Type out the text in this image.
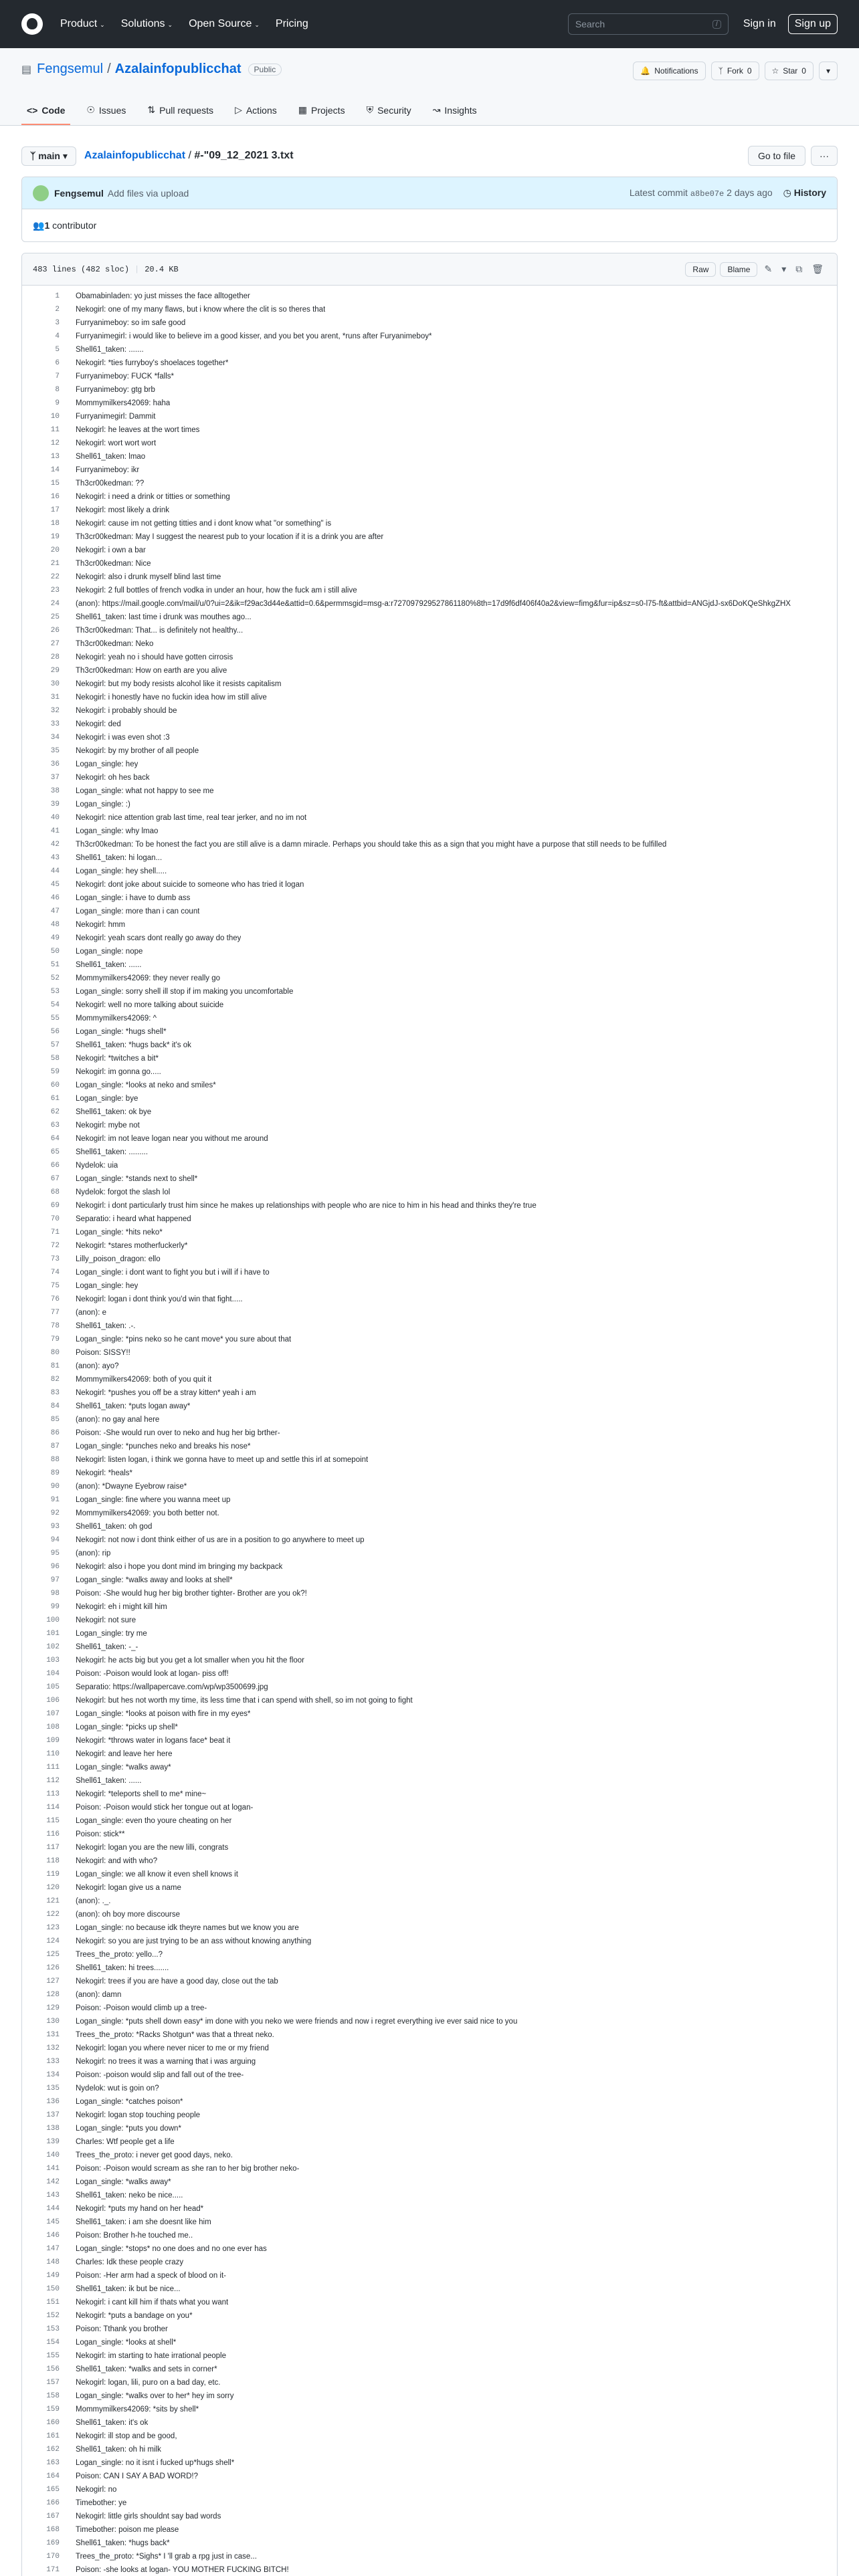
Product ⌄ Solutions ⌄ Open Source ⌄ Pricing	Search	/	Sign in	Sign up
▤ Fengsemul / Azalainfopublicchat	Public	🔔 Notifications	ᛉ Fork 0	☆ Star 0	▾
<> Code ☉ Issues ⇅ Pull requests ▷ Actions ▦ Projects ⛨ Security ↝ Insights
ᛉ main ▾	Azalainfopublicchat / #-"09_12_2021 3.txt	Go to file	···
Fengsemul Add files via upload	Latest commit a8be07e 2 days ago ◷ History
👥 1
contributor
483 lines (482 sloc) | 20.4 KB	Raw	Blame	✎ ▾ ⧉ 🗑
1	Obamabinladen: yo just misses the face alltogether
2	Nekogirl: one of my many flaws, but i know where the clit is so theres that
3	Furryanimeboy: so im safe good
4	Furryanimegirl: i would like to believe im a good kisser, and you bet you arent, *runs after Furyanimeboy*
5	Shell61_taken: .......
6	Nekogirl: *ties furryboy's shoelaces together*
7	Furryanimeboy: FUCK *falls*
8	Furryanimeboy: gtg brb
9	Mommymilkers42069: haha
10	Furryanimegirl: Dammit
11	Nekogirl: he leaves at the wort times
12	Nekogirl: wort wort wort
13	Shell61_taken: lmao
14	Furryanimeboy: ikr
15	Th3cr00kedman: ??
16	Nekogirl: i need a drink or titties or something
17	Nekogirl: most likely a drink
18	Nekogirl: cause im not getting titties and i dont know what "or something" is
19	Th3cr00kedman: May I suggest the nearest pub to your location if it is a drink you are after
20	Nekogirl: i own a bar
21	Th3cr00kedman: Nice
22	Nekogirl: also i drunk myself blind last time
23	Nekogirl: 2 full bottles of french vodka in under an hour, how the fuck am i still alive
24	(anon): https://mail.google.com/mail/u/0?ui=2&ik=f29ac3d44e&attid=0.6&permmsgid=msg-a:r727097929527861180%8th=17d9f6df406f40a2&view=fimg&fur=ip&sz=s0-l75-ft&attbid=ANGjdJ-sx6DoKQeShkgZHX
25	Shell61_taken: last time i drunk was mouthes ago...
26	Th3cr00kedman: That... is definitely not healthy...
27	Th3cr00kedman: Neko
28	Nekogirl: yeah no i should have gotten cirrosis
29	Th3cr00kedman: How on earth are you alive
30	Nekogirl: but my body resists alcohol like it resists capitalism
31	Nekogirl: i honestly have no fuckin idea how im still alive
32	Nekogirl: i probably should be
33	Nekogirl: ded
34	Nekogirl: i was even shot :3
35	Nekogirl: by my brother of all people
36	Logan_single: hey
37	Nekogirl: oh hes back
38	Logan_single: what not happy to see me
39	Logan_single: :)
40	Nekogirl: nice attention grab last time, real tear jerker, and no im not
41	Logan_single: why lmao
42	Th3cr00kedman: To be honest the fact you are still alive is a damn miracle. Perhaps you should take this as a sign that you might have a purpose that still needs to be fulfilled
43	Shell61_taken: hi logan...
44	Logan_single: hey shell.....
45	Nekogirl: dont joke about suicide to someone who has tried it logan
46	Logan_single: i have to dumb ass
47	Logan_single: more than i can count
48	Nekogirl: hmm
49	Nekogirl: yeah scars dont really go away do they
50	Logan_single: nope
51	Shell61_taken: ......
52	Mommymilkers42069: they never really go
53	Logan_single: sorry shell ill stop if im making you uncomfortable
54	Nekogirl: well no more talking about suicide
55	Mommymilkers42069: ^
56	Logan_single: *hugs shell*
57	Shell61_taken: *hugs back* it's ok
58	Nekogirl: *twitches a bit*
59	Nekogirl: im gonna go.....
60	Logan_single: *looks at neko and smiles*
61	Logan_single: bye
62	Shell61_taken: ok bye
63	Nekogirl: mybe not
64	Nekogirl: im not leave logan near you without me around
65	Shell61_taken: .........
66	Nydelok: uia
67	Logan_single: *stands next to shell*
68	Nydelok: forgot the slash lol
69	Nekogirl: i dont particularly trust him since he makes up relationships with people who are nice to him in his head and thinks they're true
70	Separatio: i heard what happened
71	Logan_single: *hits neko*
72	Nekogirl: *stares motherfuckerly*
73	Lilly_poison_dragon: ello
74	Logan_single: i dont want to fight you but i will if i have to
75	Logan_single: hey
76	Nekogirl: logan i dont think you'd win that fight.....
77	(anon): e
78	Shell61_taken: .-.
79	Logan_single: *pins neko so he cant move* you sure about that
80	Poison: SISSY!!
81	(anon): ayo?
82	Mommymilkers42069: both of you quit it
83	Nekogirl: *pushes you off be a stray kitten* yeah i am
84	Shell61_taken: *puts logan away*
85	(anon): no gay anal here
86	Poison: -She would run over to neko and hug her big brther-
87	Logan_single: *punches neko and breaks his nose*
88	Nekogirl: listen logan, i think we gonna have to meet up and settle this irl at somepoint
89	Nekogirl: *heals*
90	(anon): *Dwayne Eyebrow raise*
91	Logan_single: fine where you wanna meet up
92	Mommymilkers42069: you both better not.
93	Shell61_taken: oh god
94	Nekogirl: not now i dont think either of us are in a position to go anywhere to meet up
95	(anon): rip
96	Nekogirl: also i hope you dont mind im bringing my backpack
97	Logan_single: *walks away and looks at shell*
98	Poison: -She would hug her big brother tighter- Brother are you ok?!
99	Nekogirl: eh i might kill him
100	Nekogirl: not sure
101	Logan_single: try me
102	Shell61_taken: -_-
103	Nekogirl: he acts big but you get a lot smaller when you hit the floor
104	Poison: -Poison would look at logan- piss off!
105	Separatio: https://wallpapercave.com/wp/wp3500699.jpg
106	Nekogirl: but hes not worth my time, its less time that i can spend with shell, so im not going to fight
107	Logan_single: *looks at poison with fire in my eyes*
108	Logan_single: *picks up shell*
109	Nekogirl: *throws water in logans face* beat it
110	Nekogirl: and leave her here
111	Logan_single: *walks away*
112	Shell61_taken: ......
113	Nekogirl: *teleports shell to me* mine~
114	Poison: -Poison would stick her tongue out at logan-
115	Logan_single: even tho youre cheating on her
116	Poison: stick**
117	Nekogirl: logan you are the new lilli, congrats
118	Nekogirl: and with who?
119	Logan_single: we all know it even shell knows it
120	Nekogirl: logan give us a name
121	(anon): ._.
122	(anon): oh boy more discourse
123	Logan_single: no because idk theyre names but we know you are
124	Nekogirl: so you are just trying to be an ass without knowing anything
125	Trees_the_proto: yello...?
126	Shell61_taken: hi trees.......
127	Nekogirl: trees if you are have a good day, close out the tab
128	(anon): damn
129	Poison: -Poison would climb up a tree-
130	Logan_single: *puts shell down easy* im done with you neko we were friends and now i regret everything ive ever said nice to you
131	Trees_the_proto: *Racks Shotgun* was that a threat neko.
132	Nekogirl: logan you where never nicer to me or my friend
133	Nekogirl: no trees it was a warning that i was arguing
134	Poison: -poison would slip and fall out of the tree-
135	Nydelok: wut is goin on?
136	Logan_single: *catches poison*
137	Nekogirl: logan stop touching people
138	Logan_single: *puts you down*
139	Charles: Wtf people get a life
140	Trees_the_proto: i never get good days, neko.
141	Poison: -Poison would scream as she ran to her big brother neko-
142	Logan_single: *walks away*
143	Shell61_taken: neko be nice.....
144	Nekogirl: *puts my hand on her head*
145	Shell61_taken: i am she doesnt like him
146	Poison: Brother h-he touched me..
147	Logan_single: *stops* no one does and no one ever has
148	Charles: Idk these people crazy
149	Poison: -Her arm had a speck of blood on it-
150	Shell61_taken: ik but be nice...
151	Nekogirl: i cant kill him if thats what you want
152	Nekogirl: *puts a bandage on you*
153	Poison: Tthank you brother
154	Logan_single: *looks at shell*
155	Nekogirl: im starting to hate irrational people
156	Shell61_taken: *walks and sets in corner*
157	Nekogirl: logan, lili, puro on a bad day, etc.
158	Logan_single: *walks over to her* hey im sorry
159	Mommymilkers42069: *sits by shell*
160	Shell61_taken: it's ok
161	Nekogirl: ill stop and be good,
162	Shell61_taken: oh hi milk
163	Logan_single: no it isnt i fucked up*hugs shell*
164	Poison: CAN I SAY A BAD WORD!?
165	Nekogirl: no
166	Timebother: ye
167	Nekogirl: little girls shouldnt say bad words
168	Timebother: poison me please
169	Shell61_taken: *hugs back*
170	Trees_the_proto: *Sighs* I 'll grab a rpg just in case...
171	Poison: -she looks at logan- YOU MOTHER FUCKING BITCH!
